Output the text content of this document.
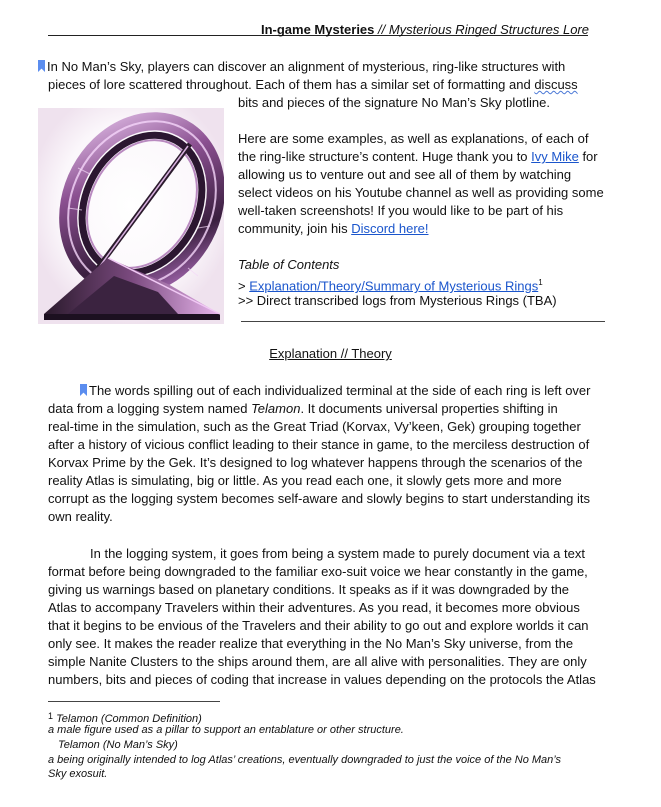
In-game Mysteries // Mysterious Ringed Structures Lore
In No Man’s Sky, players can discover an alignment of mysterious, ring-like structures with
pieces of lore scattered throughout. Each of them has a similar set of formatting and discuss
bits and pieces of the signature No Man’s Sky plotline.
Here are some examples, as well as explanations, of each of
the ring-like structure’s content. Huge thank you to Ivy Mike for
allowing us to venture out and see all of them by watching
select videos on his Youtube channel as well as providing some
well-taken screenshots! If you would like to be part of his
community, join his Discord here!
Table of Contents
> Explanation/Theory/Summary of Mysterious Rings$^1$
>> Direct transcribed logs from Mysterious Rings (TBA)
Explanation // Theory
The words spilling out of each individualized terminal at the side of each ring is left over
data from a logging system named Telamon. It documents universal properties shifting in
real-time in the simulation, such as the Great Triad (Korvax, Vy’keen, Gek) grouping together
after a history of vicious conflict leading to their stance in game, to the merciless destruction of
Korvax Prime by the Gek. It’s designed to log whatever happens through the scenarios of the
reality Atlas is simulating, big or little. As you read each one, it slowly gets more and more
corrupt as the logging system becomes self-aware and slowly begins to start understanding its
own reality.
In the logging system, it goes from being a system made to purely document via a text
format before being downgraded to the familiar exo-suit voice we hear constantly in the game,
giving us warnings based on planetary conditions. It speaks as if it was downgraded by the
Atlas to accompany Travelers within their adventures. As you read, it becomes more obvious
that it begins to be envious of the Travelers and their ability to go out and explore worlds it can
only see. It makes the reader realize that everything in the No Man’s Sky universe, from the
simple Nanite Clusters to the ships around them, are all alive with personalities. They are only
numbers, bits and pieces of coding that increase in values depending on the protocols the Atlas
$^1$ Telamon (Common Definition)
a male figure used as a pillar to support an entablature or other structure.
Telamon (No Man’s Sky)
a being originally intended to log Atlas’ creations, eventually downgraded to just the voice of the No Man’s
Sky exosuit.
